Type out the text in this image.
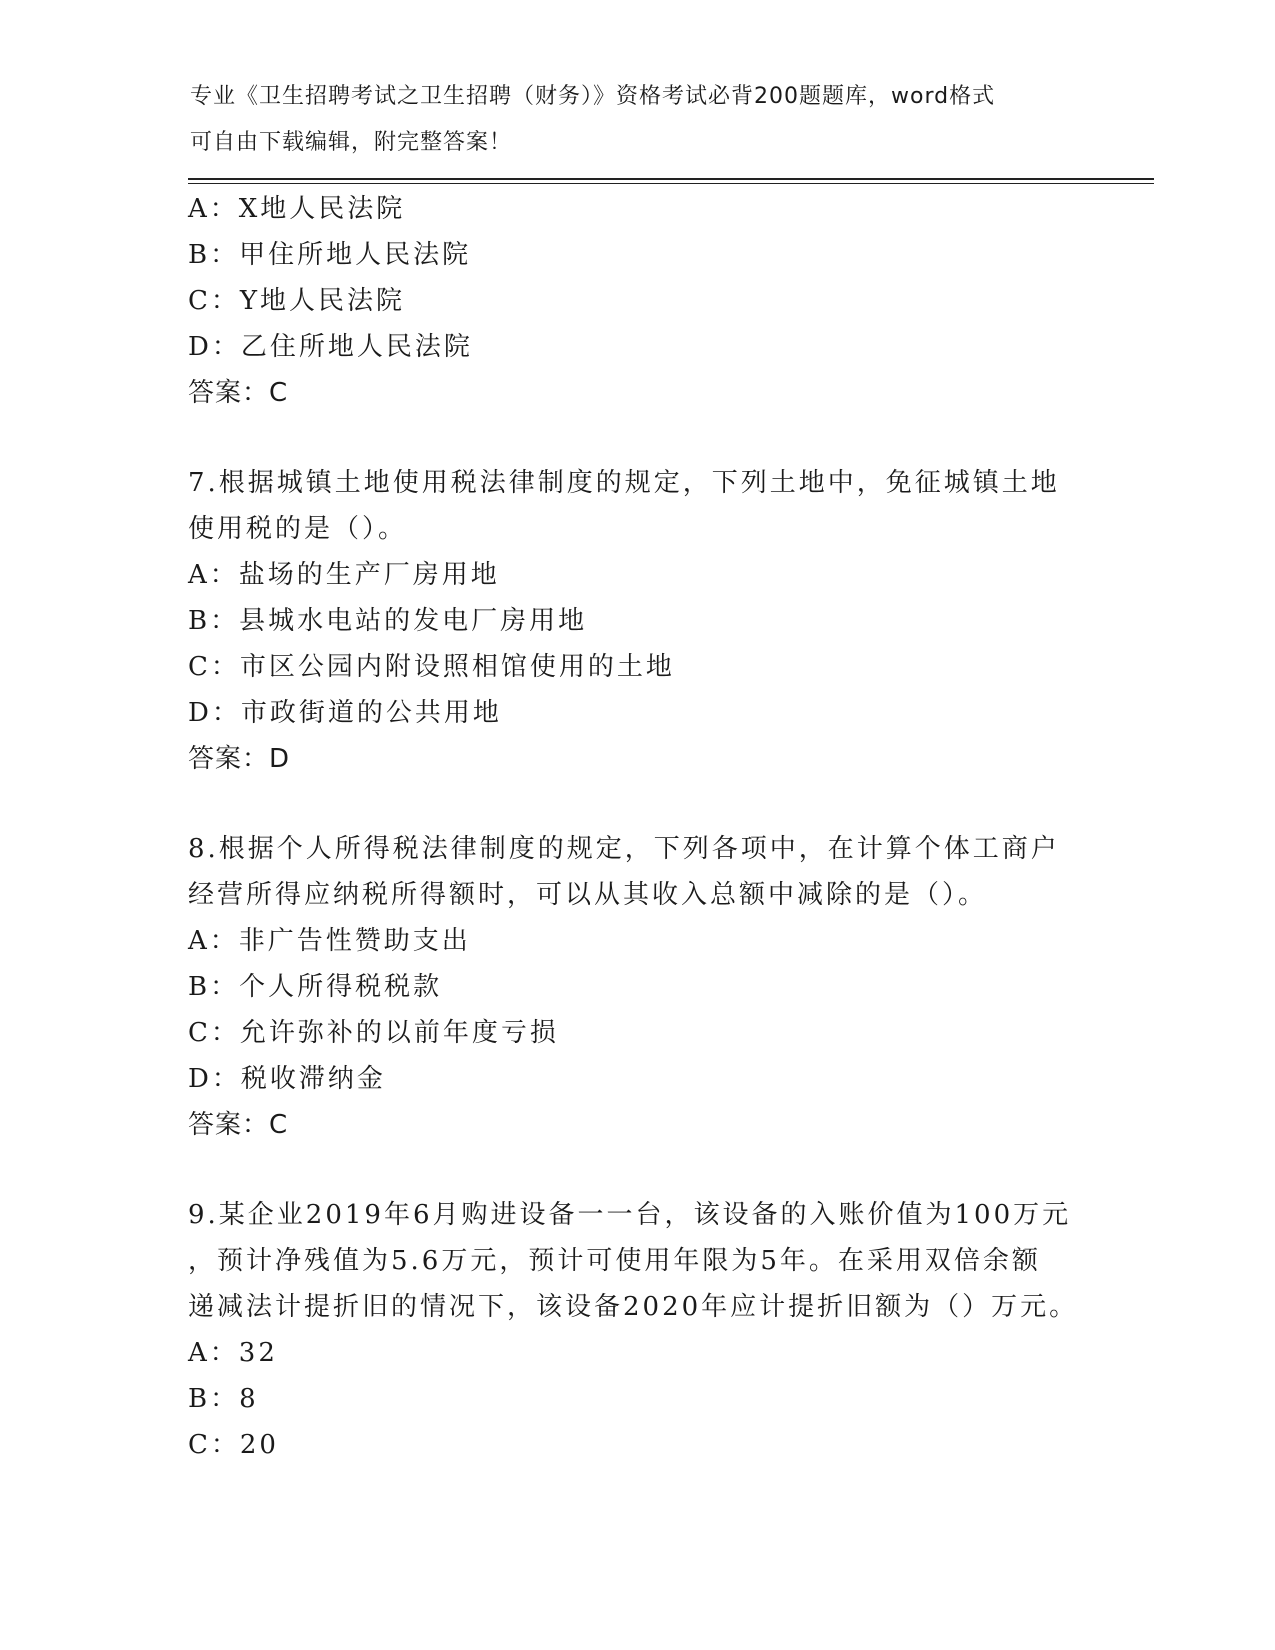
专业《卫生招聘考试之卫生招聘（财务）》资格考试必背200题题库，word格式
可自由下载编辑，附完整答案！
A：X地人民法院
B：甲住所地人民法院
C：Y地人民法院
D：乙住所地人民法院
答案：C
7.根据城镇土地使用税法律制度的规定，下列土地中，免征城镇土地
使用税的是（）。
A：盐场的生产厂房用地
B：县城水电站的发电厂房用地
C：市区公园内附设照相馆使用的土地
D：市政街道的公共用地
答案：D
8.根据个人所得税法律制度的规定，下列各项中，在计算个体工商户
经营所得应纳税所得额时，可以从其收入总额中减除的是（）。
A：非广告性赞助支出
B：个人所得税税款
C：允许弥补的以前年度亏损
D：税收滞纳金
答案：C
9.某企业2019年6月购进设备一一台，该设备的入账价值为100万元
，预计净残值为5.6万元，预计可使用年限为5年。在采用双倍余额
递减法计提折旧的情况下，该设备2020年应计提折旧额为（）万元。
A：32
B：8
C：20
